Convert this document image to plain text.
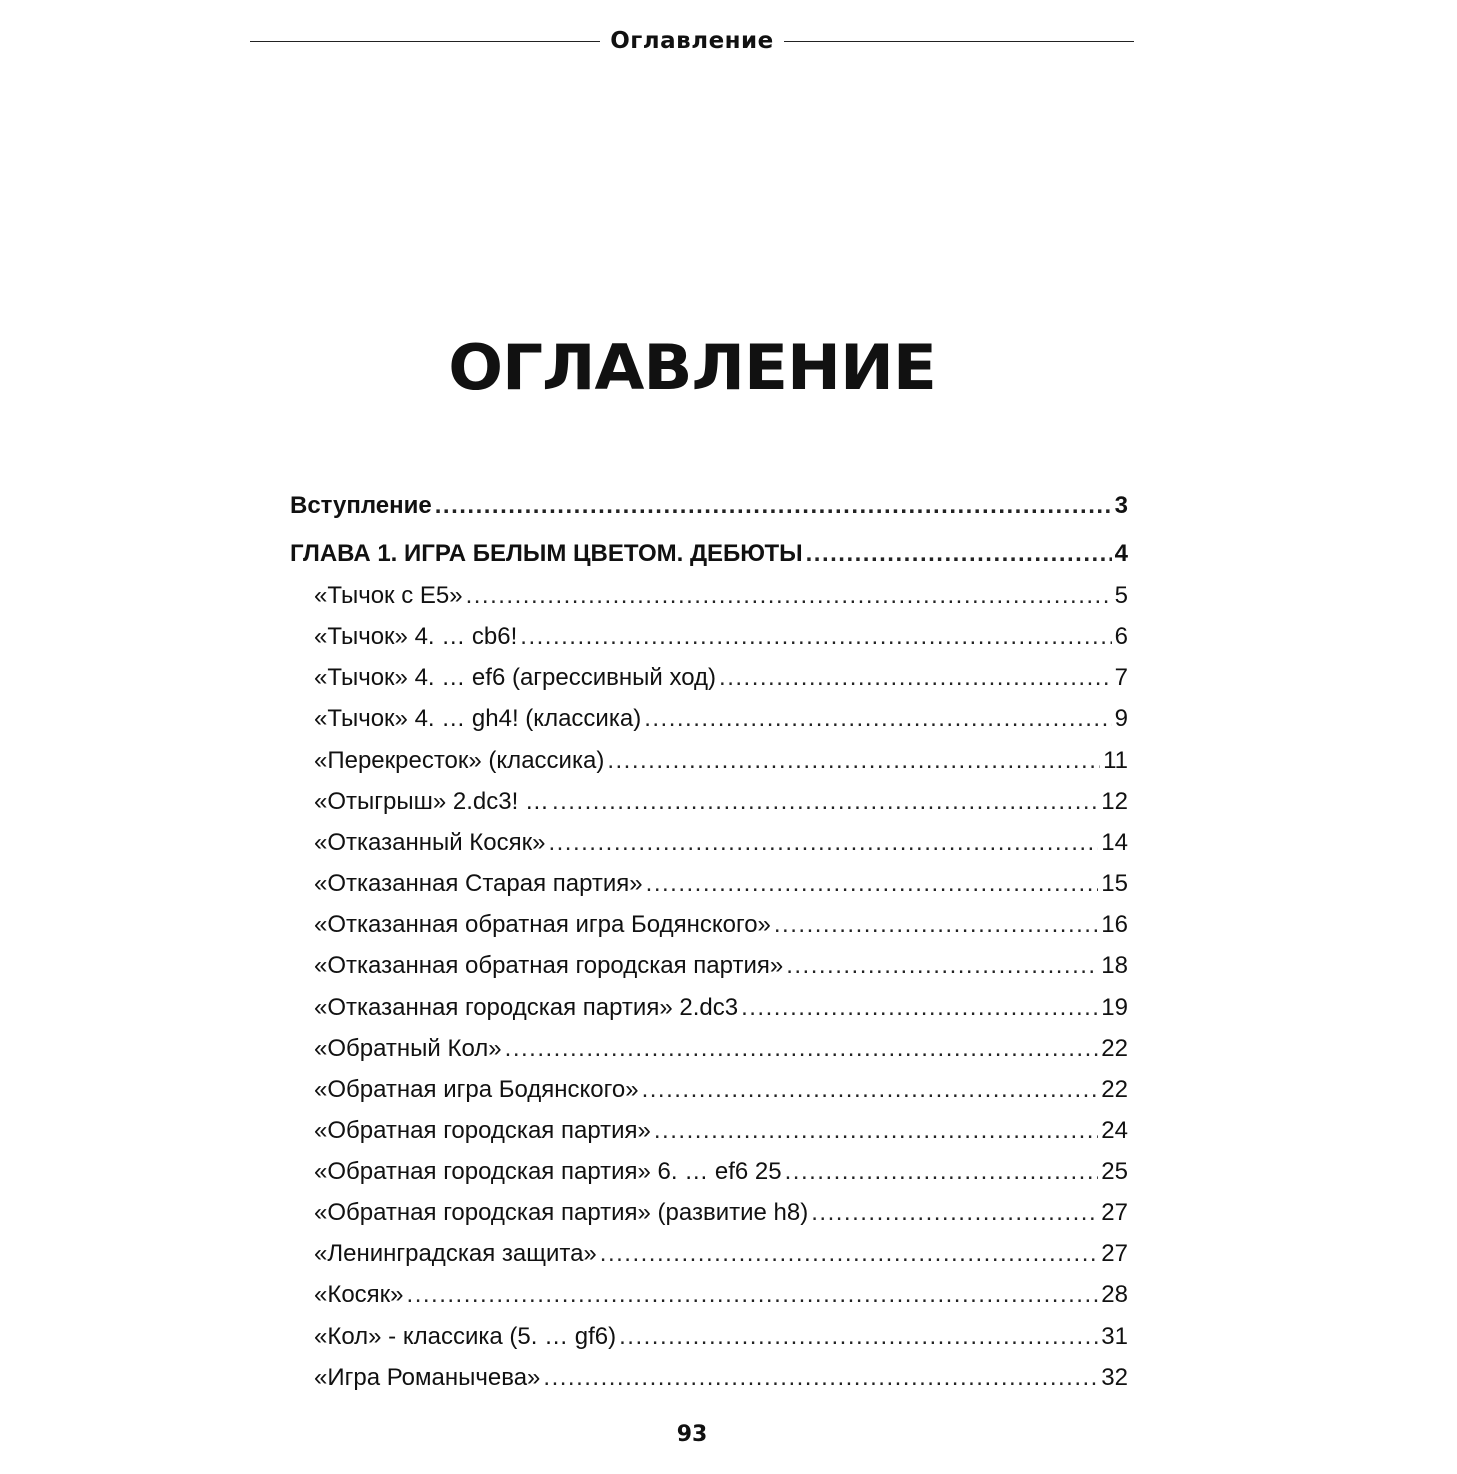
Оглавление
ОГЛАВЛЕНИЕ
Вступление .....	3
ГЛАВА 1. ИГРА БЕЛЫМ ЦВЕТОМ. ДЕБЮТЫ .....	4
«Тычок с Е5» .....	5
«Тычок» 4. … cb6! .....	6
«Тычок» 4. … ef6 (агрессивный ход) .....	7
«Тычок» 4. … gh4! (классика) .....	9
«Перекресток» (классика) .....	11
«Отыгрыш» 2.dc3! … .....	12
«Отказанный Косяк» .....	14
«Отказанная Старая партия» .....	15
«Отказанная обратная игра Бодянского» .....	16
«Отказанная обратная городская партия» .....	18
«Отказанная городская партия» 2.dc3 .....	19
«Обратный Кол» .....	22
«Обратная игра Бодянского» .....	22
«Обратная городская партия» .....	24
«Обратная городская партия» 6. … ef6 25 .....	25
«Обратная городская партия» (развитие h8) .....	27
«Ленинградская защита» .....	27
«Косяк» .....	28
«Кол» - классика (5. … gf6) .....	31
«Игра Романычева» .....	32
93
